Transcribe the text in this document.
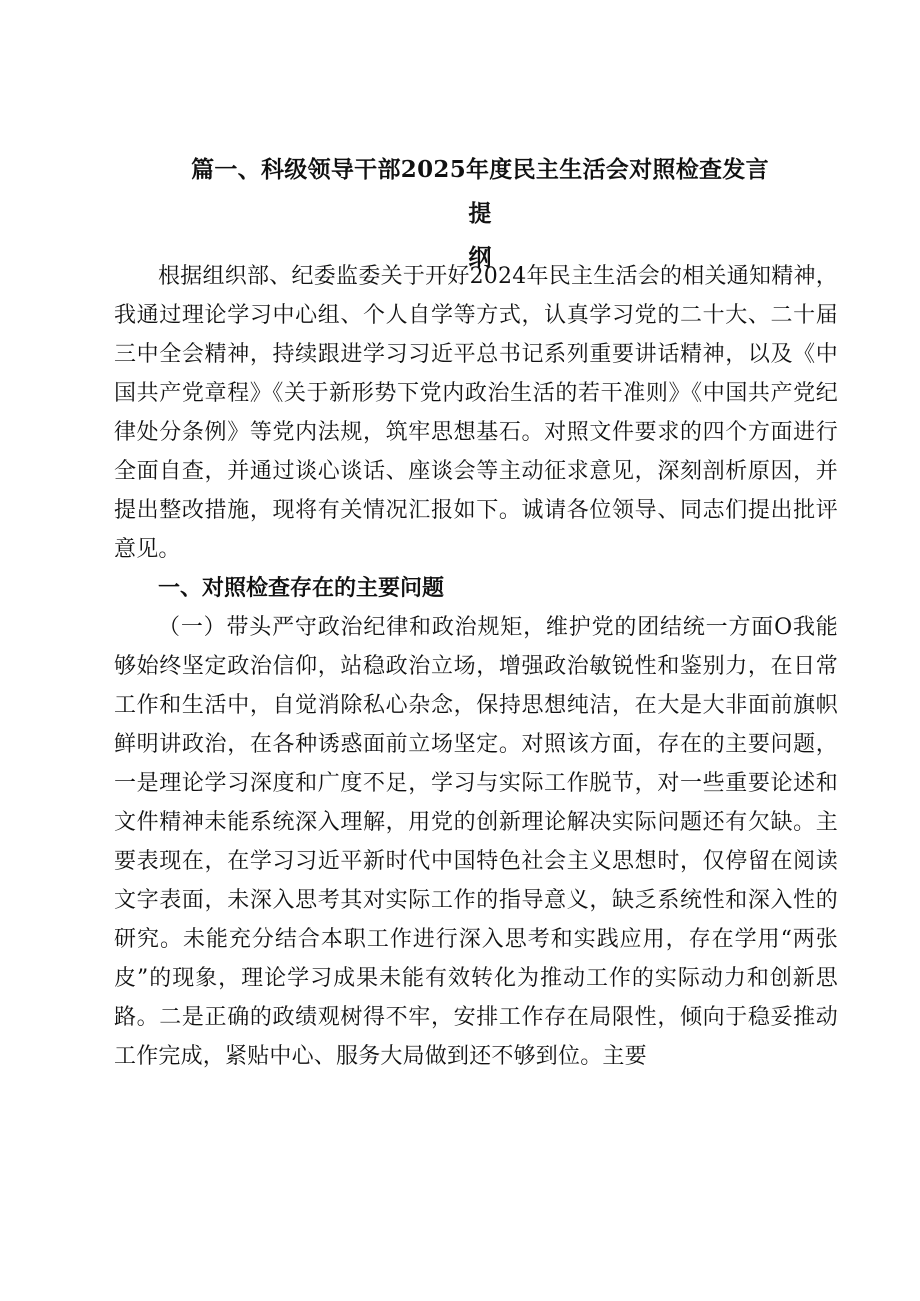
篇一、科级领导干部2025年度民主生活会对照检查发言提
纲

根据组织部、纪委监委关于开好2024年民主生活会的相关通知精神，我通过理论学习中心组、个人自学等方式，认真学习党的二十大、二十届三中全会精神，持续跟进学习习近平总书记系列重要讲话精神，以及《中国共产党章程》《关于新形势下党内政治生活的若干准则》《中国共产党纪律处分条例》等党内法规，筑牢思想基石。对照文件要求的四个方面进行全面自查，并通过谈心谈话、座谈会等主动征求意见，深刻剖析原因，并提出整改措施，现将有关情况汇报如下。诚请各位领导、同志们提出批评意见。

一、对照检查存在的主要问题

（一）带头严守政治纪律和政治规矩，维护党的团结统一方面O我能够始终坚定政治信仰，站稳政治立场，增强政治敏锐性和鉴别力，在日常工作和生活中，自觉消除私心杂念，保持思想纯洁，在大是大非面前旗帜鲜明讲政治，在各种诱惑面前立场坚定。对照该方面，存在的主要问题，一是理论学习深度和广度不足，学习与实际工作脱节，对一些重要论述和文件精神未能系统深入理解，用党的创新理论解决实际问题还有欠缺。主要表现在，在学习习近平新时代中国特色社会主义思想时，仅停留在阅读文字表面，未深入思考其对实际工作的指导意义，缺乏系统性和深入性的研究。未能充分结合本职工作进行深入思考和实践应用，存在学用“两张皮”的现象，理论学习成果未能有效转化为推动工作的实际动力和创新思路。二是正确的政绩观树得不牢，安排工作存在局限性，倾向于稳妥推动工作完成，紧贴中心、服务大局做到还不够到位。主要
